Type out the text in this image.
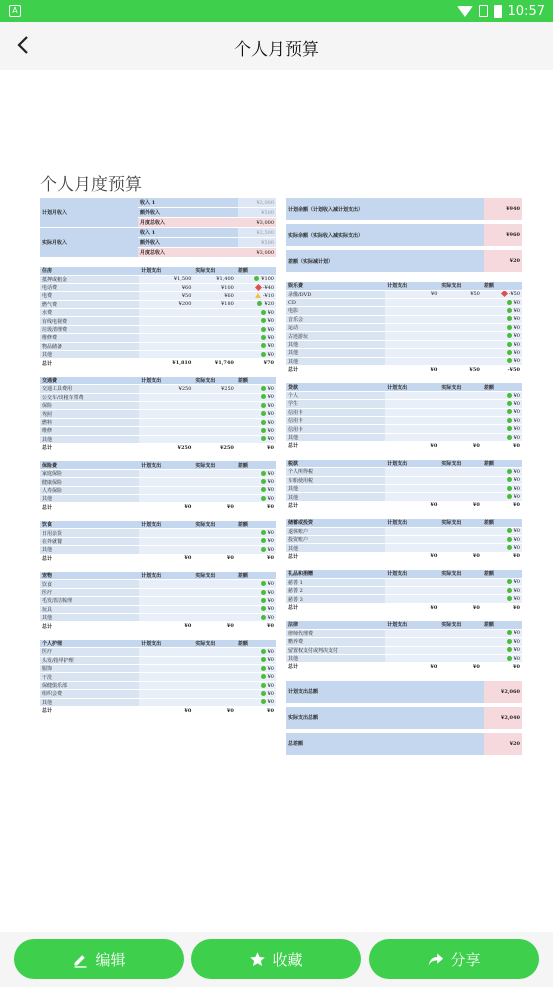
A	10:57
个人月预算
个人月度预算
计划月收入
收入 1	¥2,000
额外收入	¥500
月度总收入	¥3,000
实际月收入
收入 1	¥2,500
额外收入	¥500
月度总收入	¥3,000
住房	计划支出	实际支出	差额
抵押或租金	¥1,500	¥1,400	¥100
电话费	¥60	¥100	-¥40
电费	¥50	¥60	-¥10
燃气费	¥200	¥180	¥20
水费			¥0
有线电视费			¥0
垃圾清理费			¥0
维修费			¥0
物品储备			¥0
其他			¥0
总计	¥1,810	¥1,740	¥70
交通费	计划支出	实际支出	差额
交通工具费用	¥250	¥250	¥0
公交车/出租车票费			¥0
保险			¥0
驾照			¥0
燃料			¥0
维修			¥0
其他			¥0
总计	¥250	¥250	¥0
保险费	计划支出	实际支出	差额
家庭保险			¥0
健康保险			¥0
人寿保险			¥0
其他			¥0
总计	¥0	¥0	¥0
饮食	计划支出	实际支出	差额
日用杂货			¥0
在外就餐			¥0
其他			¥0
总计	¥0	¥0	¥0
宠物	计划支出	实际支出	差额
饮食			¥0
医疗			¥0
毛发清洁梳理			¥0
玩具			¥0
其他			¥0
总计	¥0	¥0	¥0
个人护理	计划支出	实际支出	差额
医疗			¥0
头发/指甲护理			¥0
服饰			¥0
干洗			¥0
保健俱乐部			¥0
组织会费			¥0
其他			¥0
总计	¥0	¥0	¥0
计划余额（计划收入减计划支出）	¥940
实际余额（实际收入减实际支出）	¥960
差额（实际减计划）	¥20
娱乐费	计划支出	实际支出	差额
录像/DVD	¥0	¥50	-¥50
CD			¥0
电影			¥0
音乐会			¥0
运动			¥0
古迹游玩			¥0
其他			¥0
其他			¥0
其他			¥0
总计	¥0	¥50	-¥50
贷款	计划支出	实际支出	差额
个人			¥0
学生			¥0
信用卡			¥0
信用卡			¥0
信用卡			¥0
其他			¥0
总计	¥0	¥0	¥0
税款	计划支出	实际支出	差额
个人所得税			¥0
车船使用税			¥0
其他			¥0
其他			¥0
总计	¥0	¥0	¥0
储蓄或投资	计划支出	实际支出	差额
退休账户			¥0
投资账户			¥0
其他			¥0
总计	¥0	¥0	¥0
礼品和捐赠	计划支出	实际支出	差额
慈善 1			¥0
慈善 2			¥0
慈善 3			¥0
总计	¥0	¥0	¥0
法律	计划支出	实际支出	差额
律师代理费			¥0
赡养费			¥0
留置权支付或判决支付			¥0
其他			¥0
总计	¥0	¥0	¥0
计划支出总额	¥2,060
实际支出总额	¥2,040
总差额	¥20
编辑	收藏	分享
